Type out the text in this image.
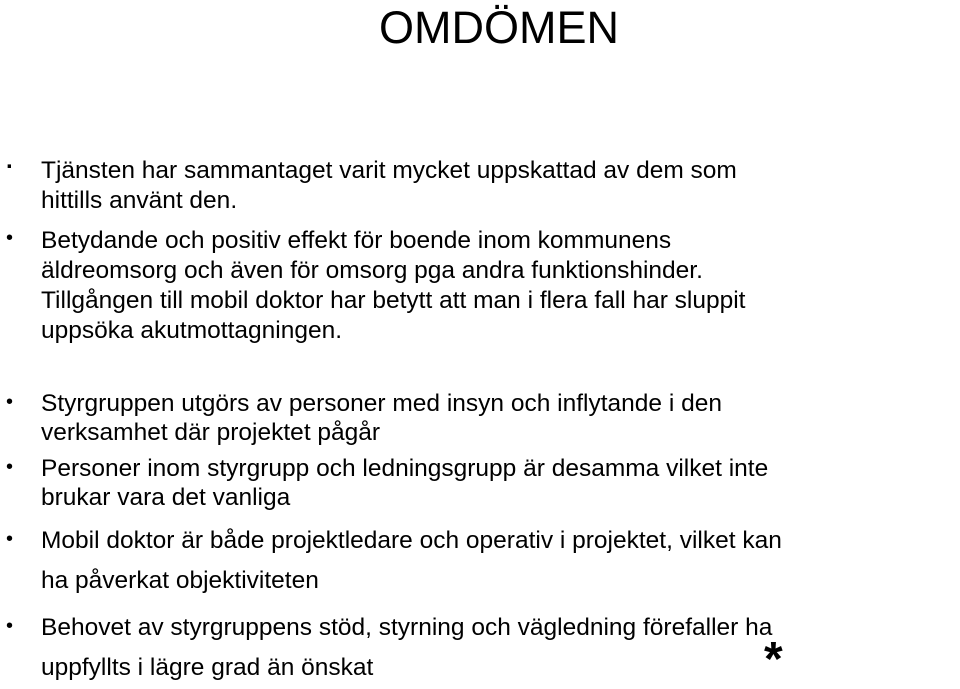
OMDÖMEN
.	Tjänsten har sammantaget varit mycket uppskattad av dem som
hittills använt den.
•	Betydande och positiv effekt för boende inom kommunens
äldreomsorg och även för omsorg pga andra funktionshinder.
Tillgången till mobil doktor har betytt att man i flera fall har sluppit
uppsöka akutmottagningen.
•	Styrgruppen utgörs av personer med insyn och inflytande i den
verksamhet där projektet pågår
•	Personer inom styrgrupp och ledningsgrupp är desamma vilket inte
brukar vara det vanliga
•	Mobil doktor är både projektledare och operativ i projektet, vilket kan
ha påverkat objektiviteten
•	Behovet av styrgruppens stöd, styrning och vägledning förefaller ha
uppfyllts i lägre grad än önskat	*
